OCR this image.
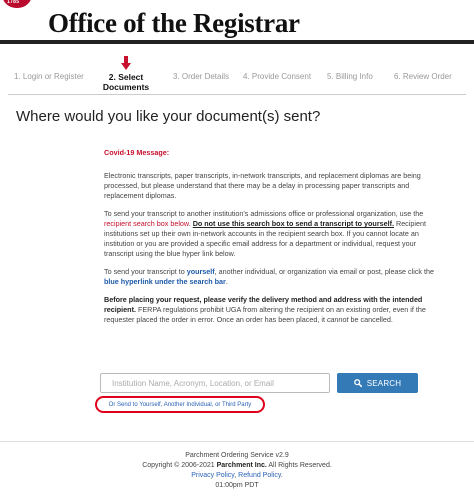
1785
Office of the Registrar
1. Login or Register	2. Select
Documents
3. Order Details 4. Provide Consent 5. Billing Info	6. Review Order
Where would you like your document(s) sent?
Covid-19 Message:

Electronic transcripts, paper transcripts, in-network transcripts, and replacement diplomas are being processed, but please understand that there may be a delay in processing paper transcripts and replacement diplomas.

To send your transcript to another institution's admissions office or professional organization, use the recipient search box below. Do not use this search box to send a transcript to yourself. Recipient institutions set up their own in-network accounts in the recipient search box. If you cannot locate an institution or you are provided a specific email address for a department or individual, request your transcript using the blue hyper link below.

To send your transcript to yourself, another individual, or organization via email or post, please click the blue hyperlink under the search bar.

Before placing your request, please verify the delivery method and address with the intended recipient. FERPA regulations prohibit UGA from altering the recipient on an existing order, even if the requester placed the order in error. Once an order has been placed, it cannot be cancelled.

Institution Name, Acronym, Location, or Email
SEARCH
Or Send to Yourself, Another Individual, or Third Party
Parchment Ordering Service v2.9
Copyright © 2006-2021 Parchment Inc. All Rights Reserved.
Privacy Policy, Refund Policy.
01:00pm PDT
